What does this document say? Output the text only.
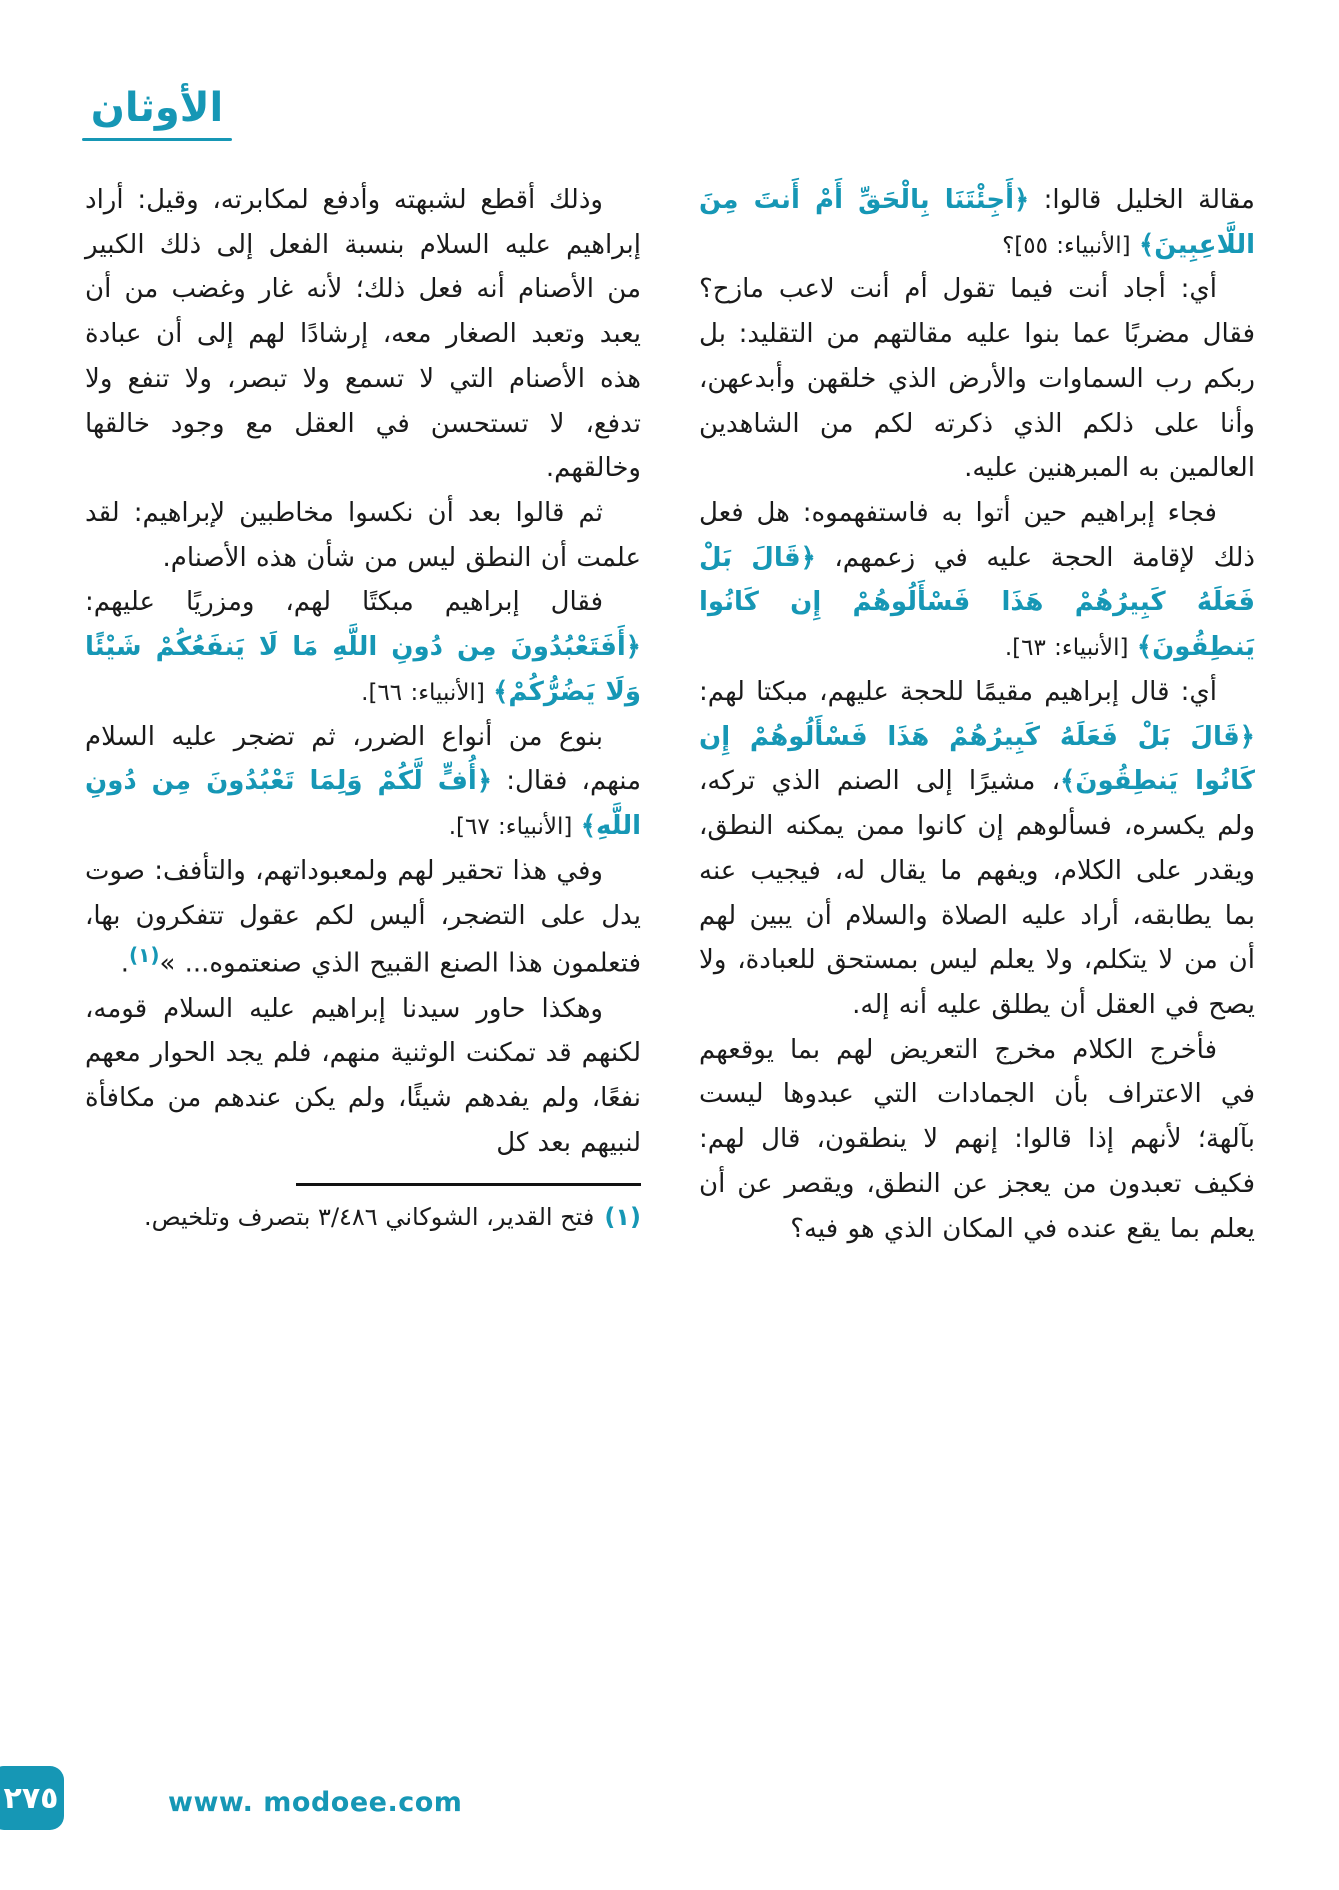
الأوثان

مقالة الخليل قالوا: ﴿أَجِئْتَنَا بِالْحَقِّ أَمْ أَنتَ مِنَ اللَّاعِبِينَ﴾ [الأنبياء: ٥٥]؟

أي: أجاد أنت فيما تقول أم أنت لاعب مازح؟ فقال مضربًا عما بنوا عليه مقالتهم من التقليد: بل ربكم رب السماوات والأرض الذي خلقهن وأبدعهن، وأنا على ذلكم الذي ذكرته لكم من الشاهدين العالمين به المبرهنين عليه.

فجاء إبراهيم حين أتوا به فاستفهموه: هل فعل ذلك لإقامة الحجة عليه في زعمهم، ﴿قَالَ بَلْ فَعَلَهُ كَبِيرُهُمْ هَذَا فَسْأَلُوهُمْ إِن كَانُوا يَنطِقُونَ﴾ [الأنبياء: ٦٣].

أي: قال إبراهيم مقيمًا للحجة عليهم، مبكتا لهم: ﴿قَالَ بَلْ فَعَلَهُ كَبِيرُهُمْ هَذَا فَسْأَلُوهُمْ إِن كَانُوا يَنطِقُونَ﴾، مشيرًا إلى الصنم الذي تركه، ولم يكسره، فسألوهم إن كانوا ممن يمكنه النطق، ويقدر على الكلام، ويفهم ما يقال له، فيجيب عنه بما يطابقه، أراد عليه الصلاة والسلام أن يبين لهم أن من لا يتكلم، ولا يعلم ليس بمستحق للعبادة، ولا يصح في العقل أن يطلق عليه أنه إله.

فأخرج الكلام مخرج التعريض لهم بما يوقعهم في الاعتراف بأن الجمادات التي عبدوها ليست بآلهة؛ لأنهم إذا قالوا: إنهم لا ينطقون، قال لهم: فكيف تعبدون من يعجز عن النطق، ويقصر عن أن يعلم بما يقع عنده في المكان الذي هو فيه؟

وذلك أقطع لشبهته وأدفع لمكابرته، وقيل: أراد إبراهيم عليه السلام بنسبة الفعل إلى ذلك الكبير من الأصنام أنه فعل ذلك؛ لأنه غار وغضب من أن يعبد وتعبد الصغار معه، إرشادًا لهم إلى أن عبادة هذه الأصنام التي لا تسمع ولا تبصر، ولا تنفع ولا تدفع، لا تستحسن في العقل مع وجود خالقها وخالقهم.

ثم قالوا بعد أن نكسوا مخاطبين لإبراهيم: لقد علمت أن النطق ليس من شأن هذه الأصنام.

فقال إبراهيم مبكتًا لهم، ومزريًا عليهم: ﴿أَفَتَعْبُدُونَ مِن دُونِ اللَّهِ مَا لَا يَنفَعُكُمْ شَيْئًا وَلَا يَضُرُّكُمْ﴾ [الأنبياء: ٦٦].

بنوع من أنواع الضرر، ثم تضجر عليه السلام منهم، فقال: ﴿أُفٍّ لَّكُمْ وَلِمَا تَعْبُدُونَ مِن دُونِ اللَّهِ﴾ [الأنبياء: ٦٧].

وفي هذا تحقير لهم ولمعبوداتهم، والتأفف: صوت يدل على التضجر، أليس لكم عقول تتفكرون بها، فتعلمون هذا الصنع القبيح الذي صنعتموه... »$^{(١)}$.

وهكذا حاور سيدنا إبراهيم عليه السلام قومه، لكنهم قد تمكنت الوثنية منهم، فلم يجد الحوار معهم نفعًا، ولم يفدهم شيئًا، ولم يكن عندهم من مكافأة لنبيهم بعد كل

(١)
فتح القدير، الشوكاني ٣/٤٨٦ بتصرف وتلخيص.
www. modoee.com
٢٧٥
